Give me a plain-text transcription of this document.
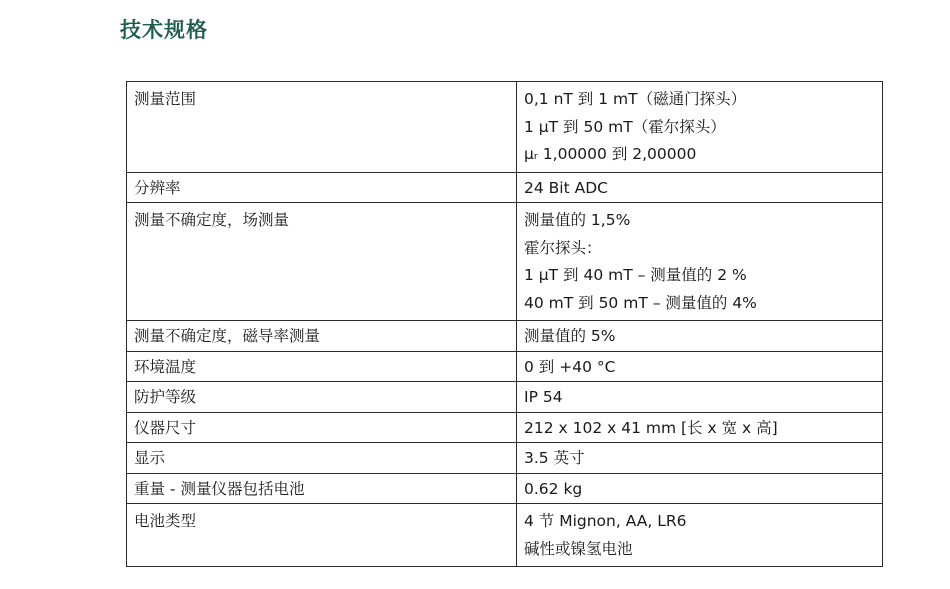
技术规格
测量范围	0,1 nT 到 1 mT（磁通门探头）
1 µT 到 50 mT（霍尔探头）
µᵣ 1,00000 到 2,00000

分辨率	24 Bit ADC

测量不确定度，场测量	测量值的 1,5%
霍尔探头：
1 µT 到 40 mT – 测量值的 2 %
40 mT 到 50 mT – 测量值的 4%

测量不确定度，磁导率测量	测量值的 5%

环境温度	0 到 +40 °C

防护等级	IP 54

仪器尺寸	212 x 102 x 41 mm [长 x 宽 x 高]

显示	3.5 英寸

重量 - 测量仪器包括电池	0.62 kg

电池类型	4 节 Mignon, AA, LR6
碱性或镍氢电池
